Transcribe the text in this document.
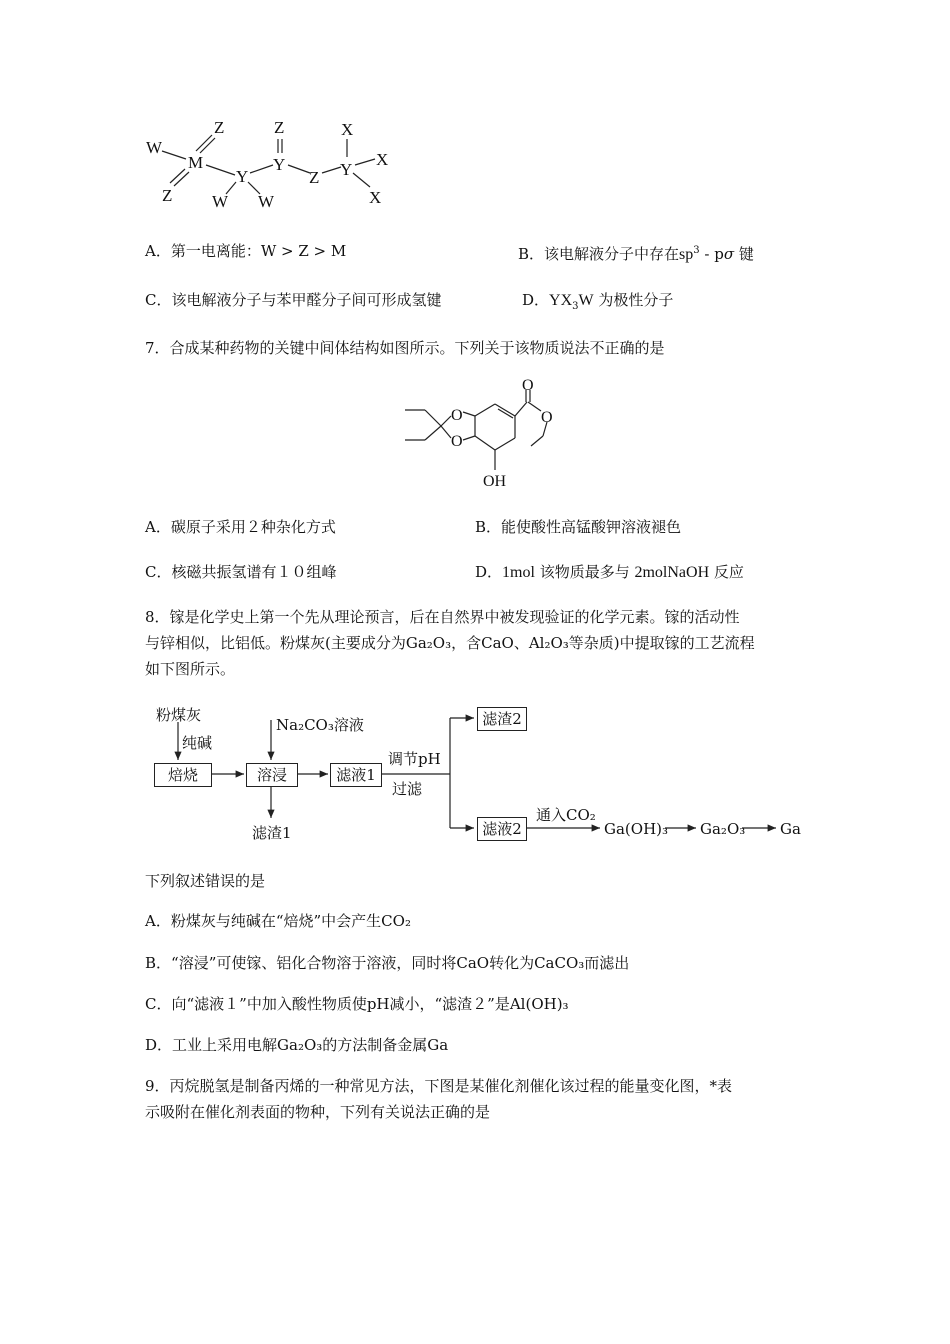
W
M
Z
Z
Y
W W
Z
Y
Z Y
X
X
X
A．第一电离能：W > Z > M	B．该电解液分子中存在$sp^3$ - pσ 键
C．该电解液分子与苯甲醛分子间可形成氢键	D．$YX_3W$ 为极性分子
7．合成某种药物的关键中间体结构如图所示。下列关于该物质说法不正确的是
O
O
O
O
OH
A．碳原子采用２种杂化方式	B．能使酸性高锰酸钾溶液褪色
C．核磁共振氢谱有１０组峰	D．1mol 该物质最多与 2molNaOH 反应
8．镓是化学史上第一个先从理论预言，后在自然界中被发现验证的化学元素。镓的活动性
与锌相似，比铝低。粉煤灰(主要成分为Ga₂O₃，含CaO、Al₂O₃等杂质)中提取镓的工艺流程
如下图所示。
粉煤灰
纯碱
焙烧
Na₂CO₃溶液
溶浸
滤渣1
滤液1
调节pH
过滤
滤渣2
滤液2
通入CO₂
Ga(OH)₃ Ga₂O₃ Ga
下列叙述错误的是
A．粉煤灰与纯碱在“焙烧”中会产生CO₂
B．“溶浸”可使镓、铝化合物溶于溶液，同时将CaO转化为CaCO₃而滤出
C．向“滤液１”中加入酸性物质使pH减小，“滤渣２”是Al(OH)₃
D．工业上采用电解Ga₂O₃的方法制备金属Ga
9．丙烷脱氢是制备丙烯的一种常见方法，下图是某催化剂催化该过程的能量变化图，*表
示吸附在催化剂表面的物种，下列有关说法正确的是
